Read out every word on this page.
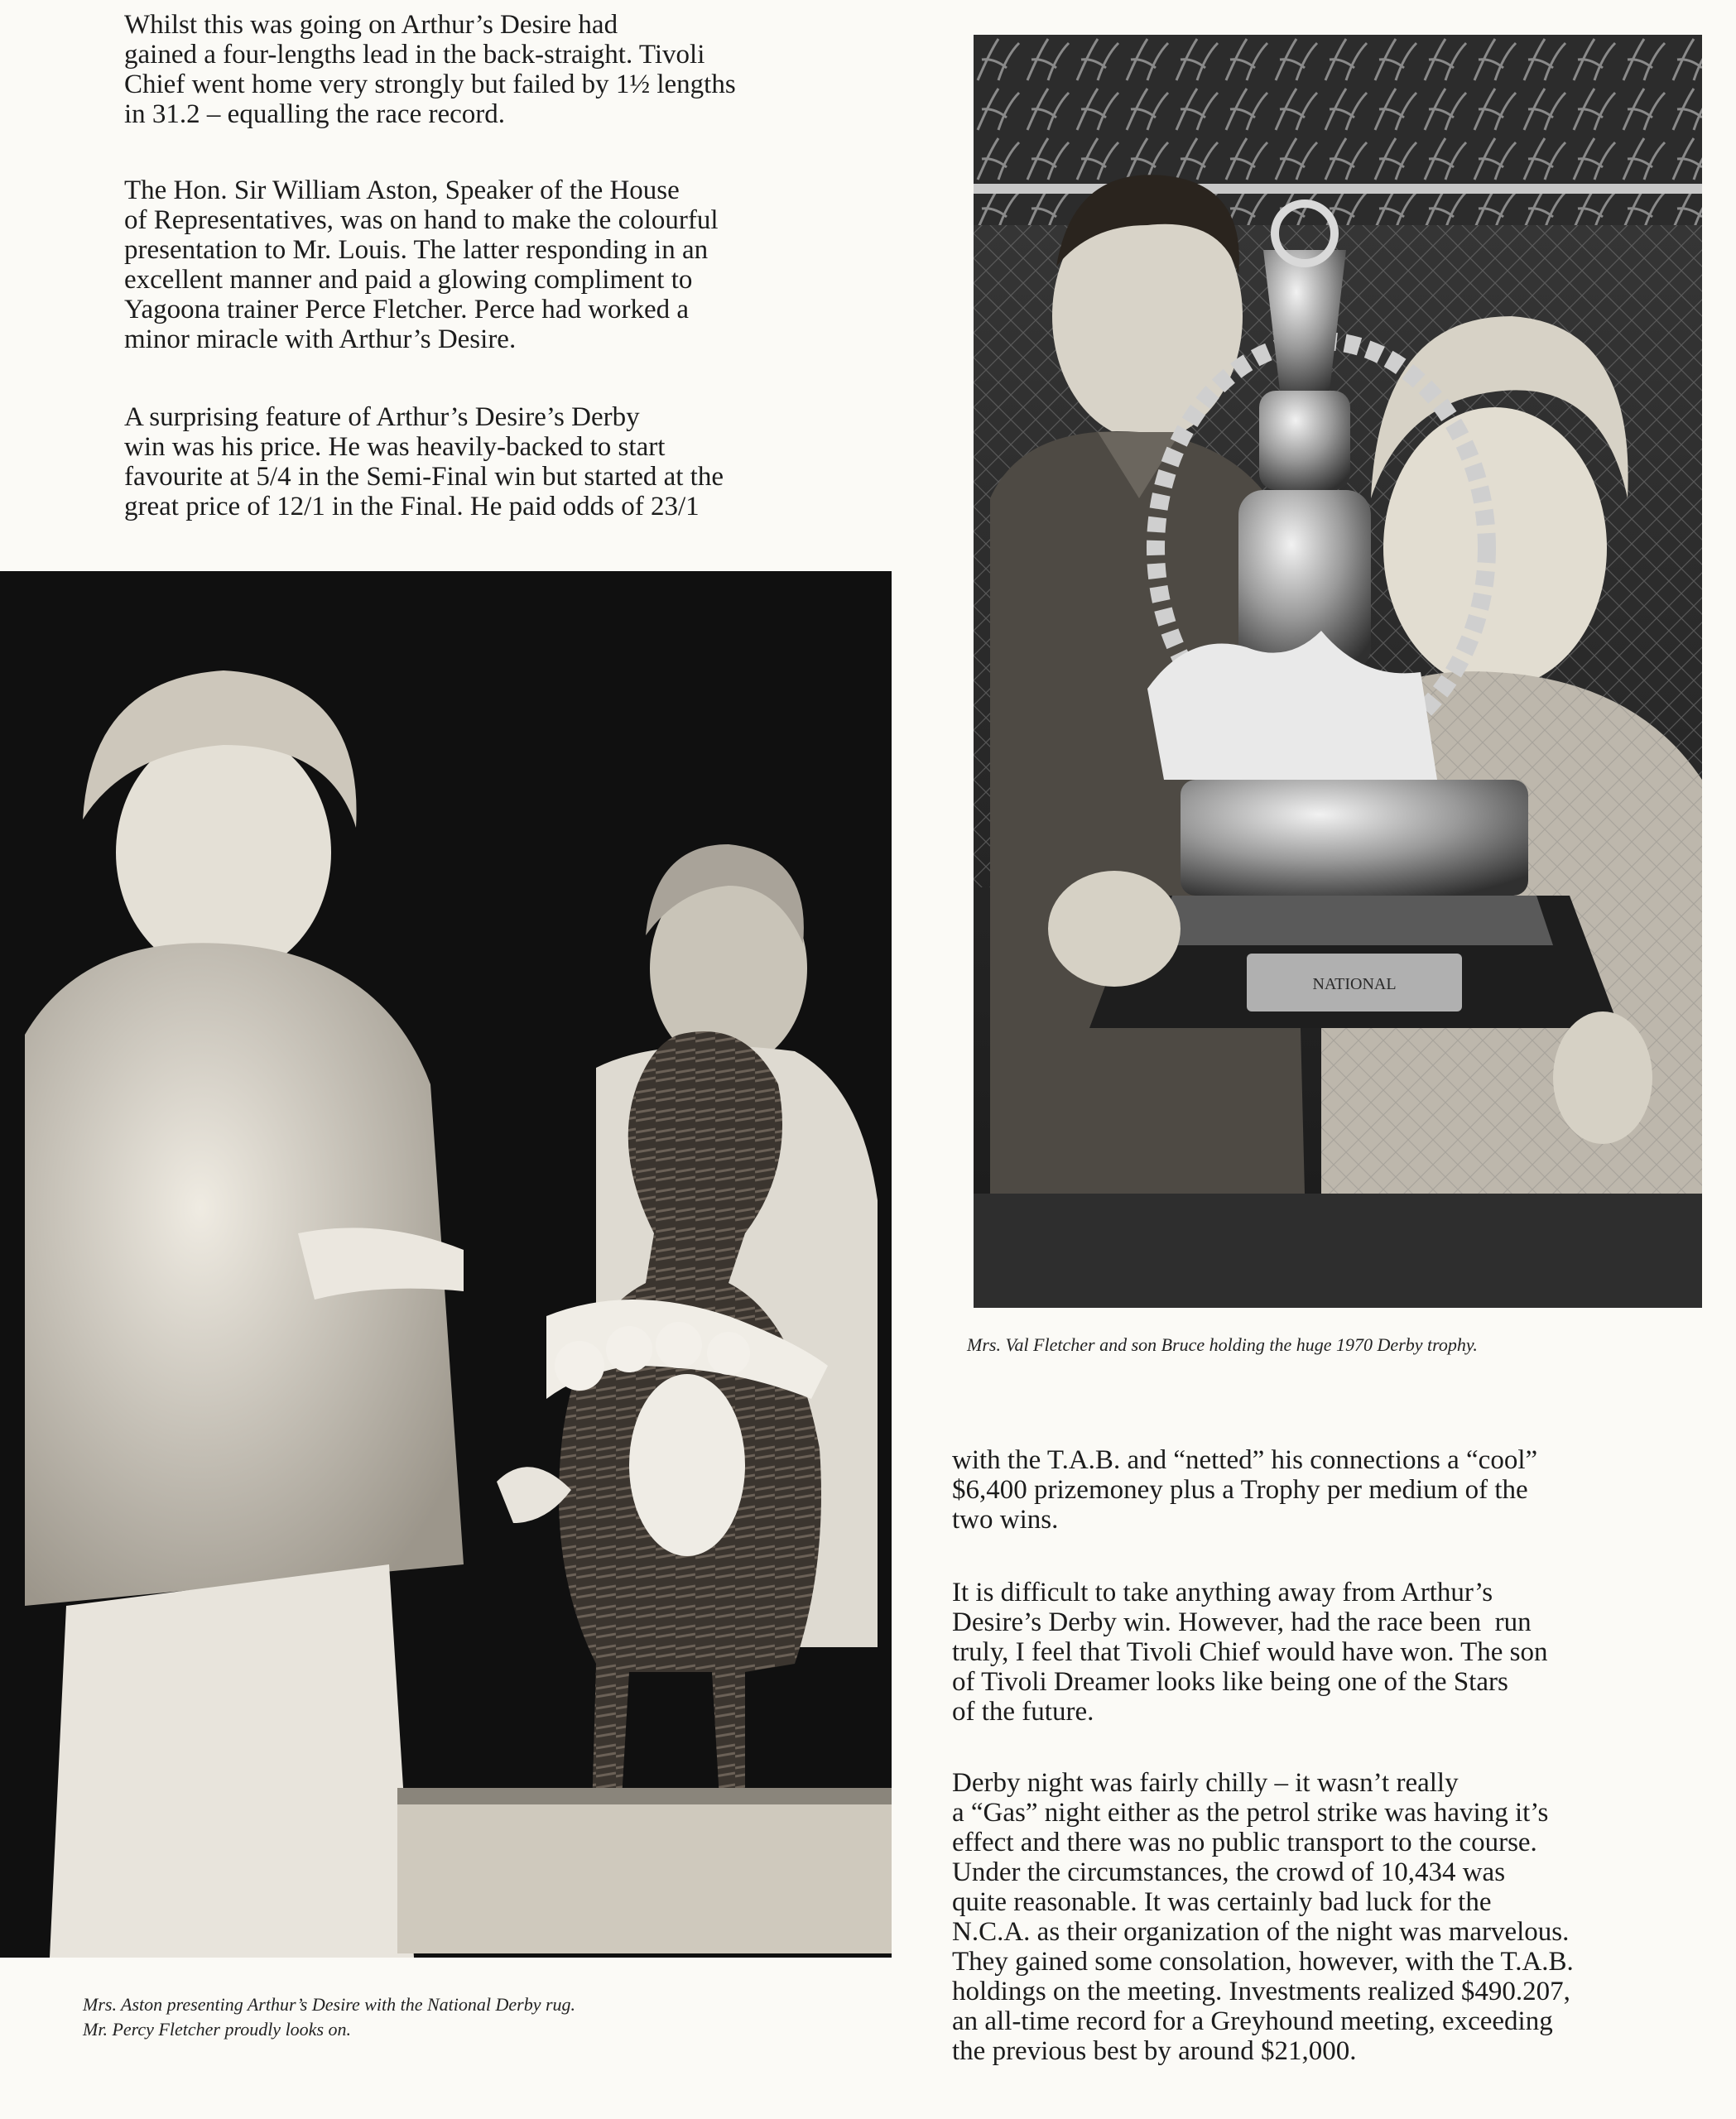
Whilst this was going on Arthur’s Desire had
gained a four-lengths lead in the back-straight. Tivoli
Chief went home very strongly but failed by 1½ lengths
in 31.2 – equalling the race record.
The Hon. Sir William Aston, Speaker of the House
of Representatives, was on hand to make the colourful
presentation to Mr. Louis. The latter responding in an
excellent manner and paid a glowing compliment to
Yagoona trainer Perce Fletcher. Perce had worked a
minor miracle with Arthur’s Desire.
A surprising feature of Arthur’s Desire’s Derby
win was his price. He was heavily-backed to start
favourite at 5/4 in the Semi-Final win but started at the
great price of 12/1 in the Final. He paid odds of 23/1
NATIONAL
Mrs. Val Fletcher and son Bruce holding the huge 1970 Derby trophy.
Mrs. Aston presenting Arthur’s Desire with the National Derby rug.
Mr. Percy Fletcher proudly looks on.
with the T.A.B. and “netted” his connections a “cool”
$6,400 prizemoney plus a Trophy per medium of the
two wins.
It is difficult to take anything away from Arthur’s
Desire’s Derby win. However, had the race been  run
truly, I feel that Tivoli Chief would have won. The son
of Tivoli Dreamer looks like being one of the Stars
of the future.
Derby night was fairly chilly – it wasn’t really
a “Gas” night either as the petrol strike was having it’s
effect and there was no public transport to the course.
Under the circumstances, the crowd of 10,434 was
quite reasonable. It was certainly bad luck for the
N.C.A. as their organization of the night was marvelous.
They gained some consolation, however, with the T.A.B.
holdings on the meeting. Investments realized $490.207,
an all-time record for a Greyhound meeting, exceeding
the previous best by around $21,000.
